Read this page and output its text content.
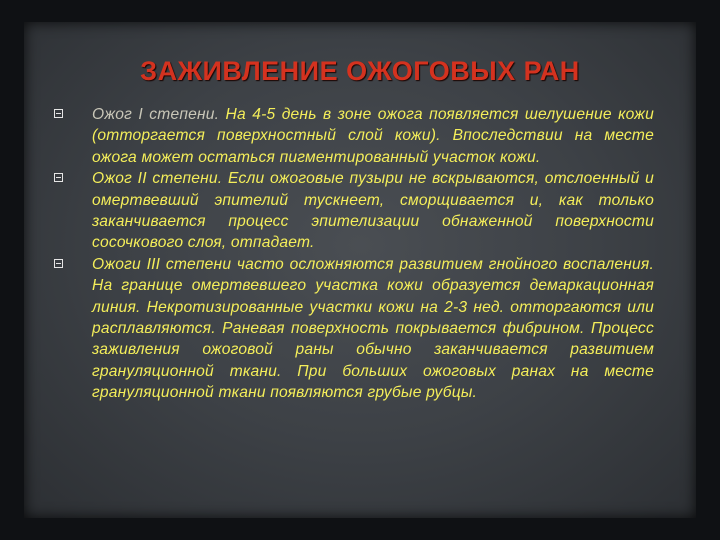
ЗАЖИВЛЕНИЕ ОЖОГОВЫХ РАН
Ожог I степени. На 4-5 день в зоне ожога появляется шелушение кожи (отторгается поверхностный слой кожи). Впоследствии на месте ожога может остаться пигментированный участок кожи.
Ожог II степени. Если ожоговые пузыри не вскрываются, отслоенный и омертвевший эпителий тускнеет, сморщивается и, как только заканчивается процесс эпителизации обнаженной поверхности сосочкового слоя, отпадает.
Ожоги III степени часто осложняются развитием гнойного воспаления. На границе омертвевшего участка кожи образуется демаркационная линия. Некротизированные участки кожи на 2-3 нед. отторгаются или расплавляются. Раневая поверхность покрывается фибрином. Процесс заживления ожоговой раны обычно заканчивается развитием грануляционной ткани. При больших ожоговых ранах на месте грануляционной ткани появляются грубые рубцы.
